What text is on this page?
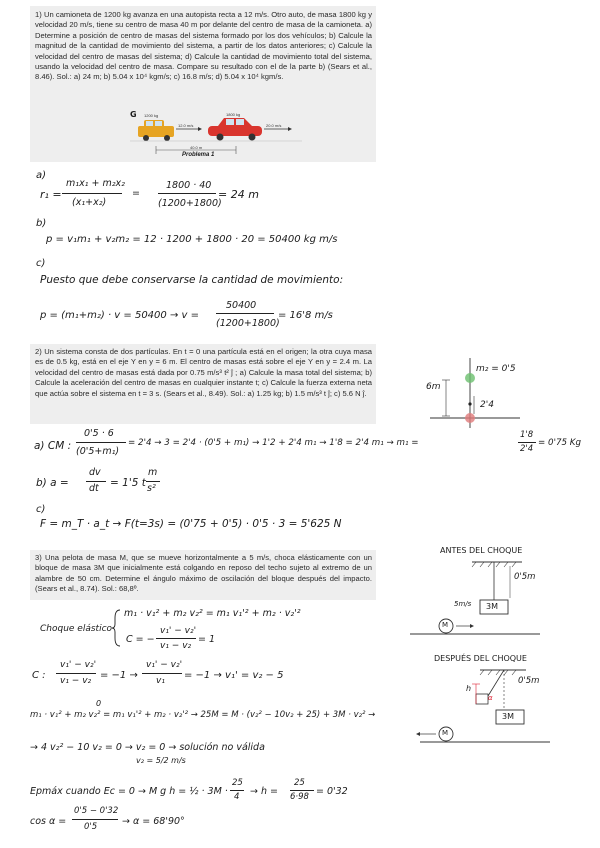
1) Un camioneta de 1200 kg avanza en una autopista recta a 12 m/s. Otro auto, de masa 1800 kg y velocidad 20 m/s, tiene su centro de masa 40 m por delante del centro de masa de la camioneta. a) Determine a posición de centro de masas del sistema formado por los dos vehículos; b) Calcule la magnitud de la cantidad de movimiento del sistema, a partir de los datos anteriores; c) Calcule la velocidad del centro de masas del sistema; d) Calcule la cantidad de movimiento total del sistema, usando la velocidad del centro de masa. Compare su resultado con el de la parte b) (Sears et al., 8.46). Sol.: a) 24 m; b) 5.04 x 10⁴ kgm/s; c) 16.8 m/s; d) 5.04 x 10⁴ kgm/s.

G 1200 kg
12.0 m/s
1800 kg
20.0 m/s
40.0 m
Problema 1
a)
r₁ =
m₁x₁ + m₂x₂
(x₁+x₂)
=
1800 · 40
(1200+1800)
= 24 m
b)
p = v₁m₁ + v₂m₂ = 12 · 1200 + 1800 · 20 = 50400 kg m/s
c)
Puesto que debe conservarse la cantidad de movimiento:
p = (m₁+m₂) · v = 50400 → v =
50400
(1200+1800)
= 16'8 m/s

2) Un sistema consta de dos partículas. En t = 0 una partícula está en el origen; la otra cuya masa es de 0.5 kg, está en el eje Y en y = 6 m. El centro de masas está sobre el eje Y en y = 2.4 m. La velocidad del centro de masas está dada por 0.75 m/s³ t² ĵ ; a) Calcule la masa total del sistema; b) Calcule la aceleración del centro de masas en cualquier instante t; c) Calcule la fuerza externa neta que actúa sobre el sistema en t = 3 s. (Sears et al., 8.49). Sol.: a) 1.25 kg; b) 1.5 m/s³ t ĵ; c) 5.6 N ĵ.

m₂ = 0'5
6m
2'4
a) CM :
0'5 · 6
(0'5+m₁)
= 2'4 → 3 = 2'4 · (0'5 + m₁) → 1'2 + 2'4 m₁ → 1'8 = 2'4 m₁ → m₁ =
1'8
2'4
= 0'75 Kg
b) a =
dv
dt = 1'5 t
m
s²
c)
F = m_T · a_t → F(t=3s) = (0'75 + 0'5) · 0'5 · 3 = 5'625 N

3) Una pelota de masa M, que se mueve horizontalmente a 5 m/s, choca elásticamente con un bloque de masa 3M que inicialmente está colgando en reposo del techo sujeto al extremo de un alambre de 50 cm. Determine el ángulo máximo de oscilación del bloque después del impacto. (Sears et al., 8.74). Sol.: 68,8º.

ANTES DEL CHOQUE
0'5m
5m/s 3M
M
DESPUÉS DEL CHOQUE
0'5m
h
α
3M
M
Choque elástico
m₁ · v₁² + m₂ v₂² = m₁ v₁'² + m₂ · v₂'²
C = −
v₁' − v₂'
v₁ − v₂
= 1
C :
v₁' − v₂'
v₁ − v₂ = −1 →
v₁' − v₂'
v₁ = −1 → v₁' = v₂ − 5
0
m₁ · v₁² + m₂ v₂² = m₁ v₁'² + m₂ · v₂'² → 25M = M · (v₂² − 10v₂ + 25) + 3M · v₂² →
→ 4 v₂² − 10 v₂ = 0 → v₂ = 0 → solución no válida
v₂ = 5/2 m/s
Epmáx cuando Ec = 0 → M g h = ½ · 3M ·
25
4 → h =
25
6·98 = 0'32
cos α =
0'5 − 0'32
0'5	→ α = 68'90°
